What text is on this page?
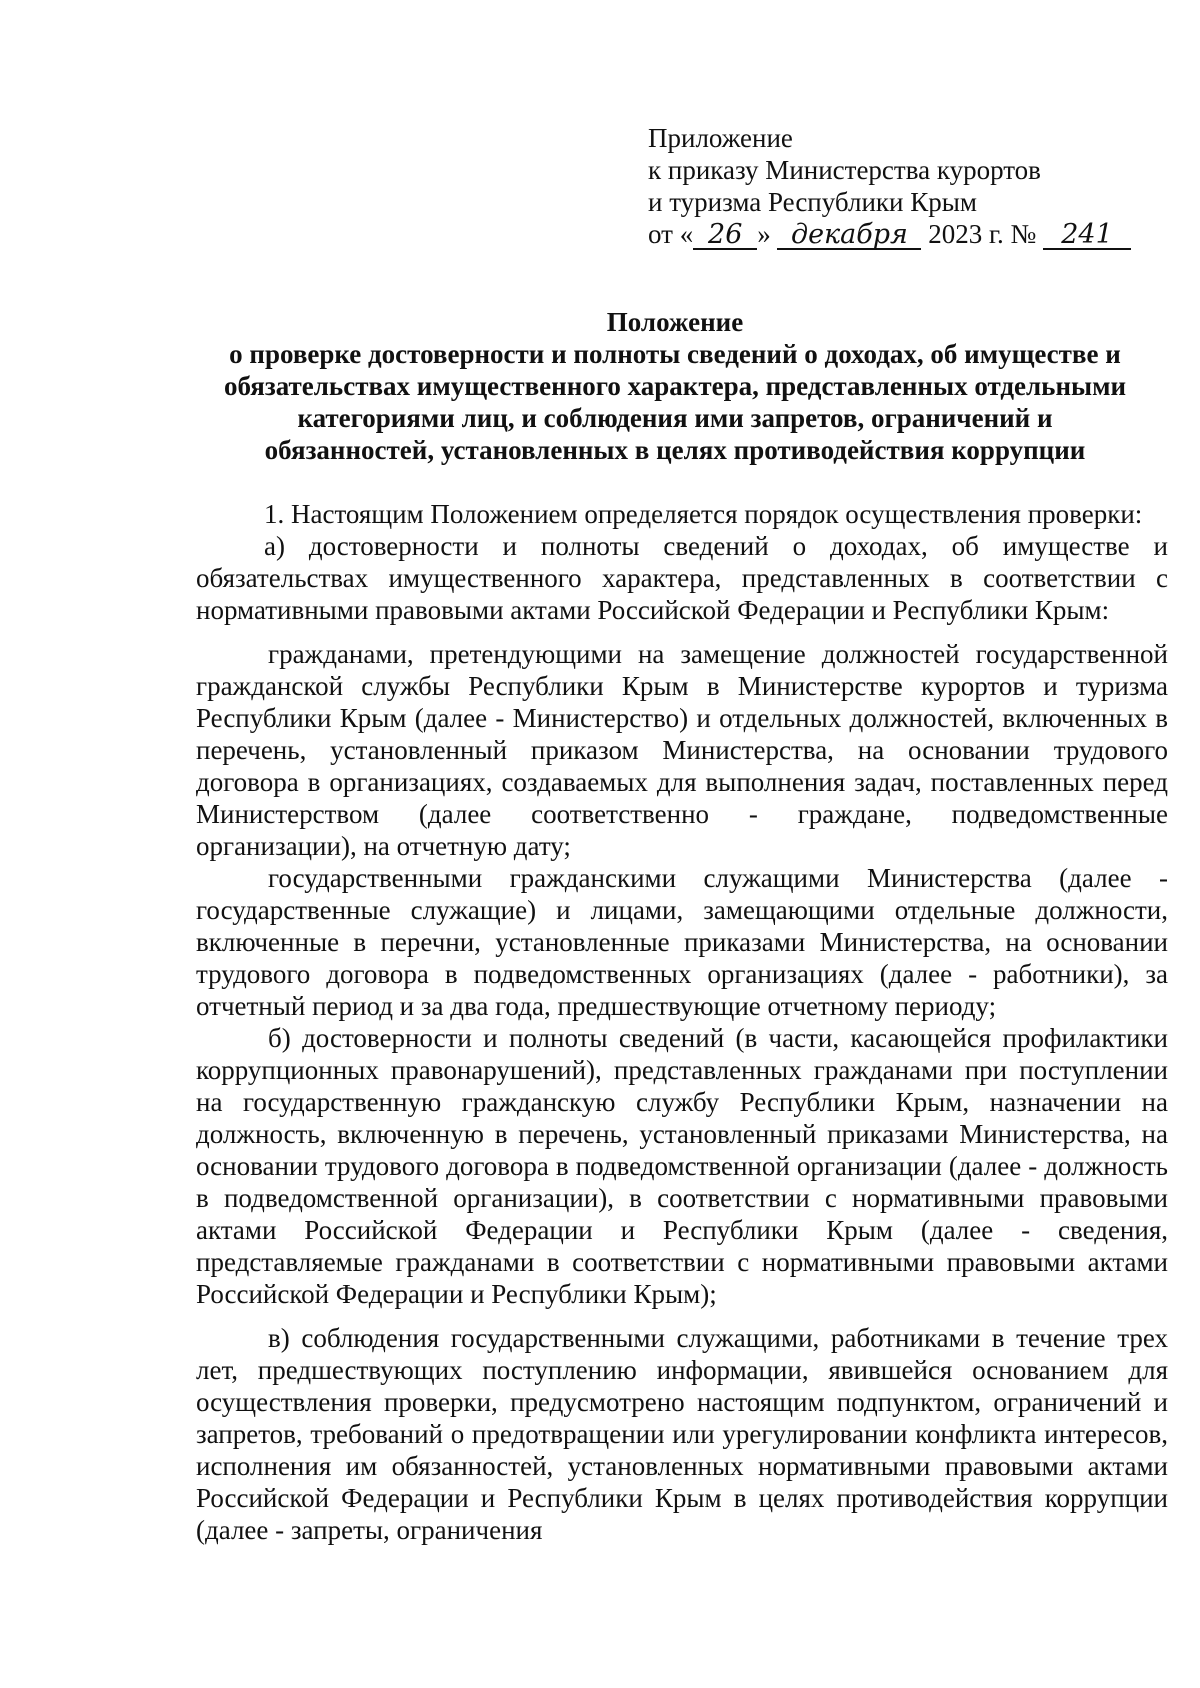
Приложение
к приказу Министерства курортов
и туризма Республики Крым
от « 26 » декабря 2023 г. № 241
Положение
о проверке достоверности и полноты сведений о доходах, об имуществе и
обязательствах имущественного характера, представленных отдельными
категориями лиц, и соблюдения ими запретов, ограничений и
обязанностей, установленных в целях противодействия коррупции

1. Настоящим Положением определяется порядок осуществления проверки:

а) достоверности и полноты сведений о доходах, об имуществе и обязательствах имущественного характера, представленных в соответствии с нормативными правовыми актами Российской Федерации и Республики Крым:

гражданами, претендующими на замещение должностей государственной гражданской службы Республики Крым в Министерстве курортов и туризма Республики Крым (далее - Министерство) и отдельных должностей, включенных в перечень, установленный приказом Министерства, на основании трудового договора в организациях, создаваемых для выполнения задач, поставленных перед Министерством (далее соответственно - граждане, подведомственные организации), на отчетную дату;

государственными гражданскими служащими Министерства (далее - государственные служащие) и лицами, замещающими отдельные должности, включенные в перечни, установленные приказами Министерства, на основании трудового договора в подведомственных организациях (далее - работники), за отчетный период и за два года, предшествующие отчетному периоду;

б) достоверности и полноты сведений (в части, касающейся профилактики коррупционных правонарушений), представленных гражданами при поступлении на государственную гражданскую службу Республики Крым, назначении на должность, включенную в перечень, установленный приказами Министерства, на основании трудового договора в подведомственной организации (далее - должность в подведомственной организации), в соответствии с нормативными правовыми актами Российской Федерации и Республики Крым (далее - сведения, представляемые гражданами в соответствии с нормативными правовыми актами Российской Федерации и Республики Крым);

в) соблюдения государственными служащими, работниками в течение трех лет, предшествующих поступлению информации, явившейся основанием для осуществления проверки, предусмотрено настоящим подпунктом, ограничений и запретов, требований о предотвращении или урегулировании конфликта интересов, исполнения им обязанностей, установленных нормативными правовыми актами Российской Федерации и Республики Крым в целях противодействия коррупции (далее - запреты, ограничения
